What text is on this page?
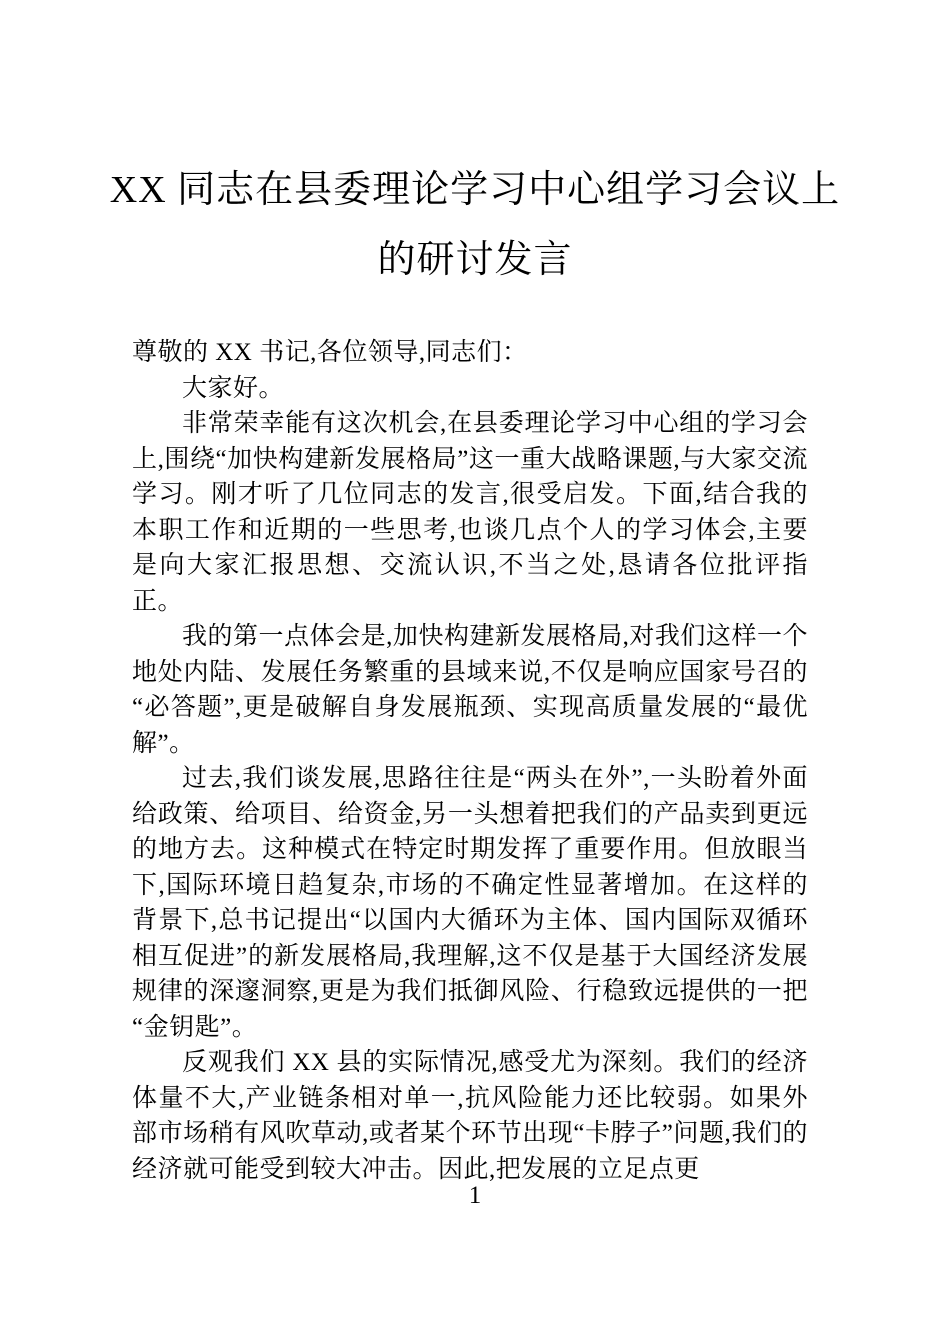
XX 同志在县委理论学习中心组学习会议上
的研讨发言

尊敬的 XX 书记,各位领导,同志们：

大家好。

非常荣幸能有这次机会,在县委理论学习中心组的学习会上,围绕“加快构建新发展格局”这一重大战略课题,与大家交流学习。刚才听了几位同志的发言,很受启发。下面,结合我的本职工作和近期的一些思考,也谈几点个人的学习体会,主要是向大家汇报思想、交流认识,不当之处,恳请各位批评指正。

我的第一点体会是,加快构建新发展格局,对我们这样一个地处内陆、发展任务繁重的县域来说,不仅是响应国家号召的“必答题”,更是破解自身发展瓶颈、实现高质量发展的“最优解”。

过去,我们谈发展,思路往往是“两头在外”,一头盼着外面给政策、给项目、给资金,另一头想着把我们的产品卖到更远的地方去。这种模式在特定时期发挥了重要作用。但放眼当下,国际环境日趋复杂,市场的不确定性显著增加。在这样的背景下,总书记提出“以国内大循环为主体、国内国际双循环相互促进”的新发展格局,我理解,这不仅是基于大国经济发展规律的深邃洞察,更是为我们抵御风险、行稳致远提供的一把“金钥匙”。

反观我们 XX 县的实际情况,感受尤为深刻。我们的经济体量不大,产业链条相对单一,抗风险能力还比较弱。如果外部市场稍有风吹草动,或者某个环节出现“卡脖子”问题,我们的经济就可能受到较大冲击。因此,把发展的立足点更

1
